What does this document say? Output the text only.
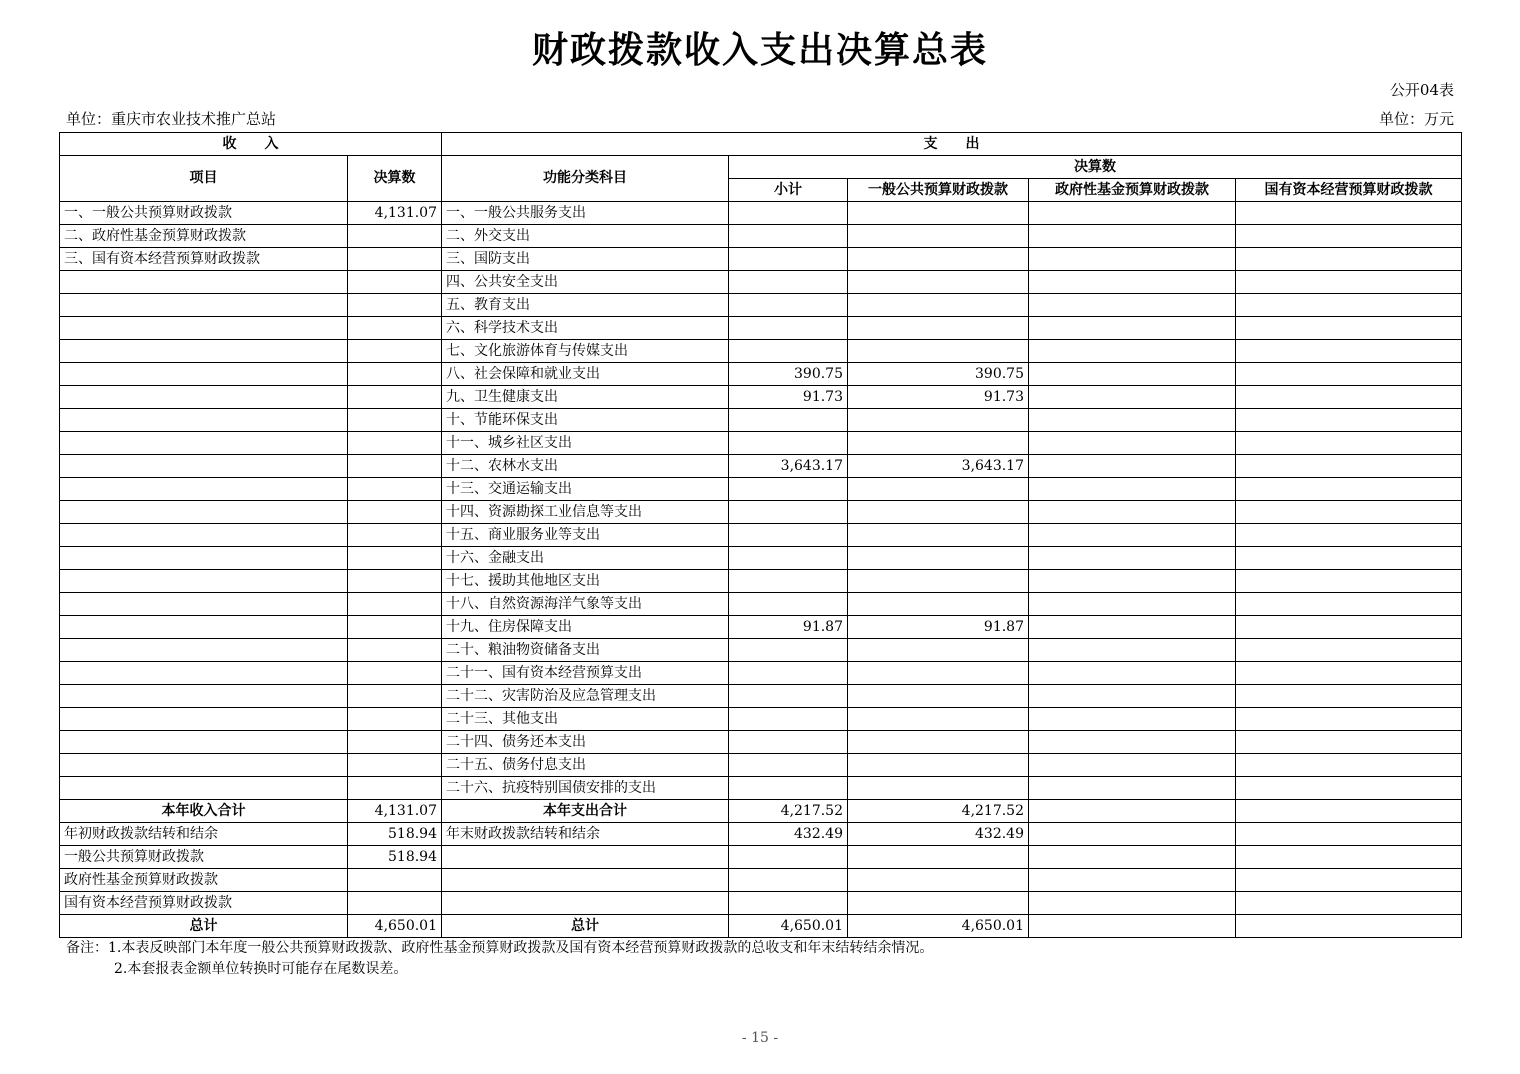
财政拨款收入支出决算总表
公开04表
单位：重庆市农业技术推广总站	单位：万元
收　　入		支　　出				
项目	决算数	功能分类科目	决算数			
			小计	一般公共预算财政拨款	政府性基金预算财政拨款	国有资本经营预算财政拨款
一、一般公共预算财政拨款	4,131.07	一、一般公共服务支出				
二、政府性基金预算财政拨款		二、外交支出				
三、国有资本经营预算财政拨款		三、国防支出				
		四、公共安全支出				
		五、教育支出				
		六、科学技术支出				
		七、文化旅游体育与传媒支出				
		八、社会保障和就业支出	390.75	390.75		
		九、卫生健康支出	91.73	91.73		
		十、节能环保支出				
		十一、城乡社区支出				
		十二、农林水支出	3,643.17	3,643.17		
		十三、交通运输支出				
		十四、资源勘探工业信息等支出				
		十五、商业服务业等支出				
		十六、金融支出				
		十七、援助其他地区支出				
		十八、自然资源海洋气象等支出				
		十九、住房保障支出	91.87	91.87		
		二十、粮油物资储备支出				
		二十一、国有资本经营预算支出				
		二十二、灾害防治及应急管理支出				
		二十三、其他支出				
		二十四、债务还本支出				
		二十五、债务付息支出				
		二十六、抗疫特别国债安排的支出				
本年收入合计	4,131.07	本年支出合计	4,217.52	4,217.52		
年初财政拨款结转和结余	518.94	年末财政拨款结转和结余	432.49	432.49		
一般公共预算财政拨款	518.94					
政府性基金预算财政拨款						
国有资本经营预算财政拨款						
总计	4,650.01	总计	4,650.01	4,650.01		
备注：1.本表反映部门本年度一般公共预算财政拨款、政府性基金预算财政拨款及国有资本经营预算财政拨款的总收支和年末结转结余情况。
2.本套报表金额单位转换时可能存在尾数误差。
- 15 -
